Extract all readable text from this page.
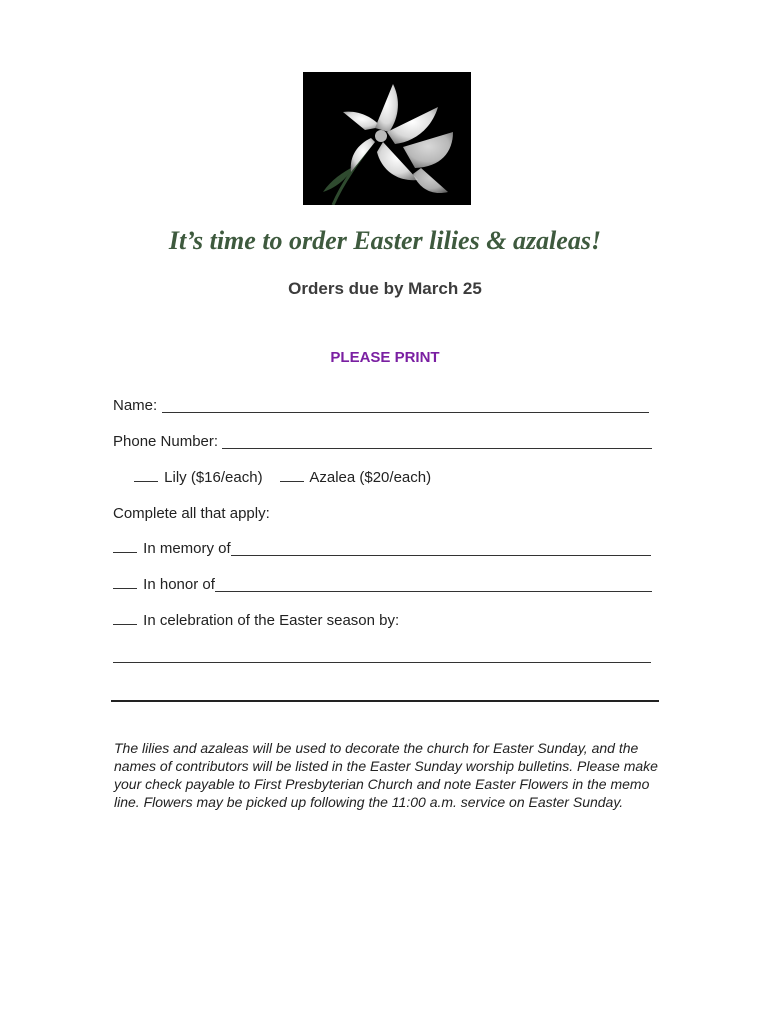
It’s time to order Easter lilies & azaleas!
Orders due by March 25
PLEASE PRINT
Name:
Phone Number:
Lily ($16/each)	Azalea ($20/each)
Complete all that apply:
In memory of
In honor of
In celebration of the Easter season by:
The lilies and azaleas will be used to decorate the church for Easter Sunday, and the names of contributors will be listed in the Easter Sunday worship bulletins. Please make your check payable to First Presbyterian Church and note Easter Flowers in the memo line. Flowers may be picked up following the 11:00 a.m. service on Easter Sunday.
